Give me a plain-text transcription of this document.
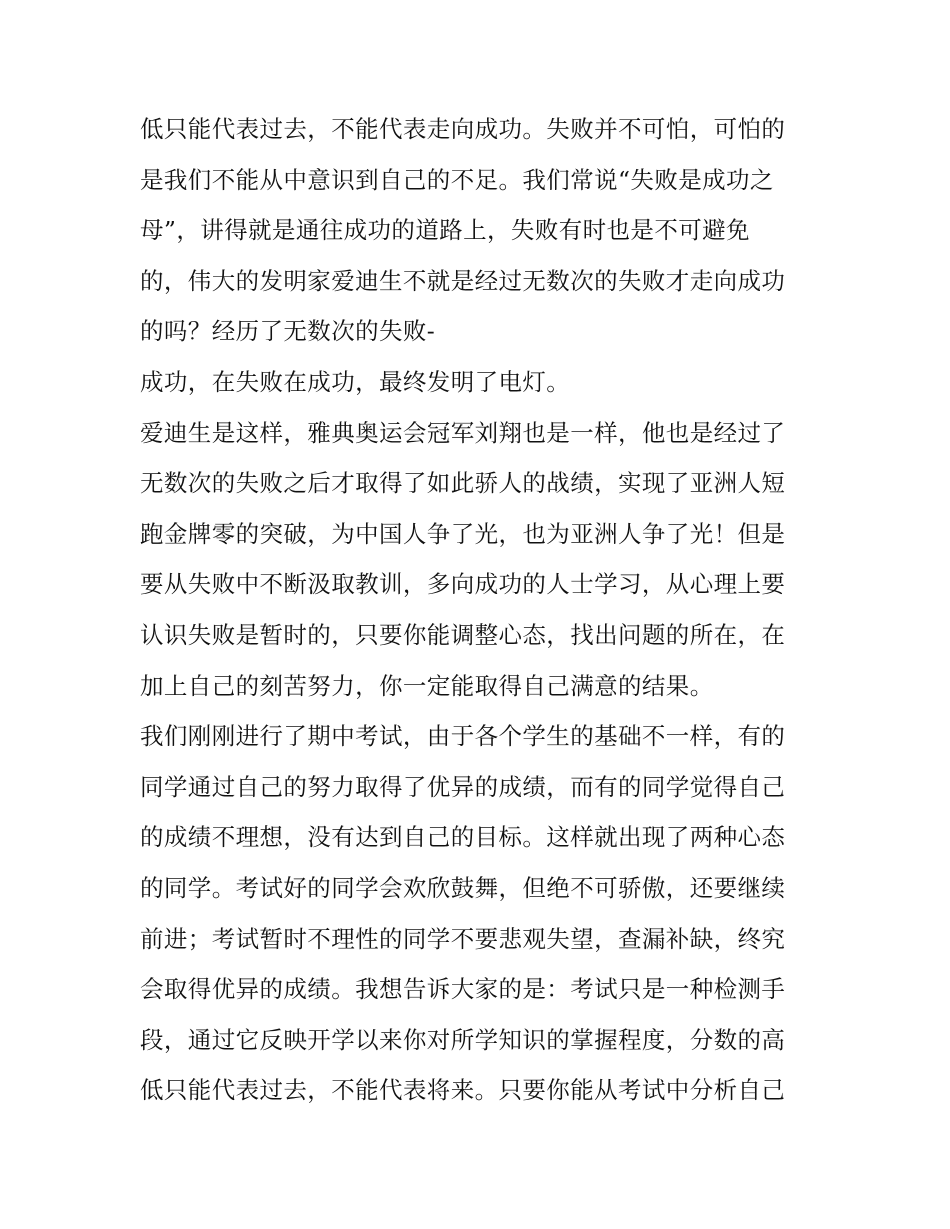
低只能代表过去，不能代表走向成功。失败并不可怕，可怕的
是我们不能从中意识到自己的不足。我们常说“失败是成功之
母”，讲得就是通往成功的道路上，失败有时也是不可避免
的，伟大的发明家爱迪生不就是经过无数次的失败才走向成功
的吗？经历了无数次的失败-
成功，在失败在成功，最终发明了电灯。
爱迪生是这样，雅典奥运会冠军刘翔也是一样，他也是经过了
无数次的失败之后才取得了如此骄人的战绩，实现了亚洲人短
跑金牌零的突破，为中国人争了光，也为亚洲人争了光！但是
要从失败中不断汲取教训，多向成功的人士学习，从心理上要
认识失败是暂时的，只要你能调整心态，找出问题的所在，在
加上自己的刻苦努力，你一定能取得自己满意的结果。
我们刚刚进行了期中考试，由于各个学生的基础不一样，有的
同学通过自己的努力取得了优异的成绩，而有的同学觉得自己
的成绩不理想，没有达到自己的目标。这样就出现了两种心态
的同学。考试好的同学会欢欣鼓舞，但绝不可骄傲，还要继续
前进；考试暂时不理性的同学不要悲观失望，查漏补缺，终究
会取得优异的成绩。我想告诉大家的是：考试只是一种检测手
段，通过它反映开学以来你对所学知识的掌握程度，分数的高
低只能代表过去，不能代表将来。只要你能从考试中分析自己
